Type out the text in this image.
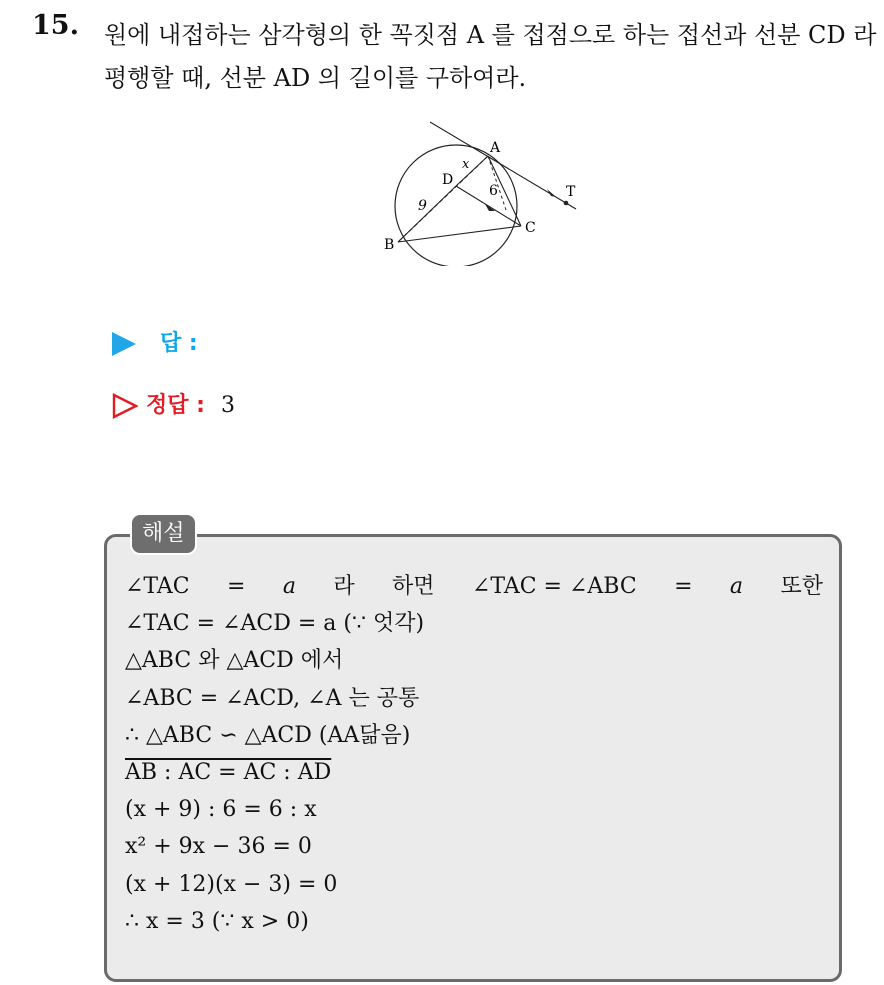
15. 원에 내접하는 삼각형의 한 꼭짓점 A 를 접점으로 하는 접선과 선분 CD 라 평행할 때, 선분 AD 의 길이를 구하여라.
A
B
C
D
T
x
6
9
답 :
정답 : 3
해설
∠TAC = a 라 하면 ∠TAC = ∠ABC = a 또한
∠TAC = ∠ACD = a (∵ 엇각)
△ABC 와 △ACD 에서
∠ABC = ∠ACD, ∠A 는 공통
∴ △ABC ∽ △ACD (AA닮음)
AB : AC = AC : AD
(x + 9) : 6 = 6 : x
x² + 9x − 36 = 0
(x + 12)(x − 3) = 0
∴ x = 3 (∵ x > 0)
